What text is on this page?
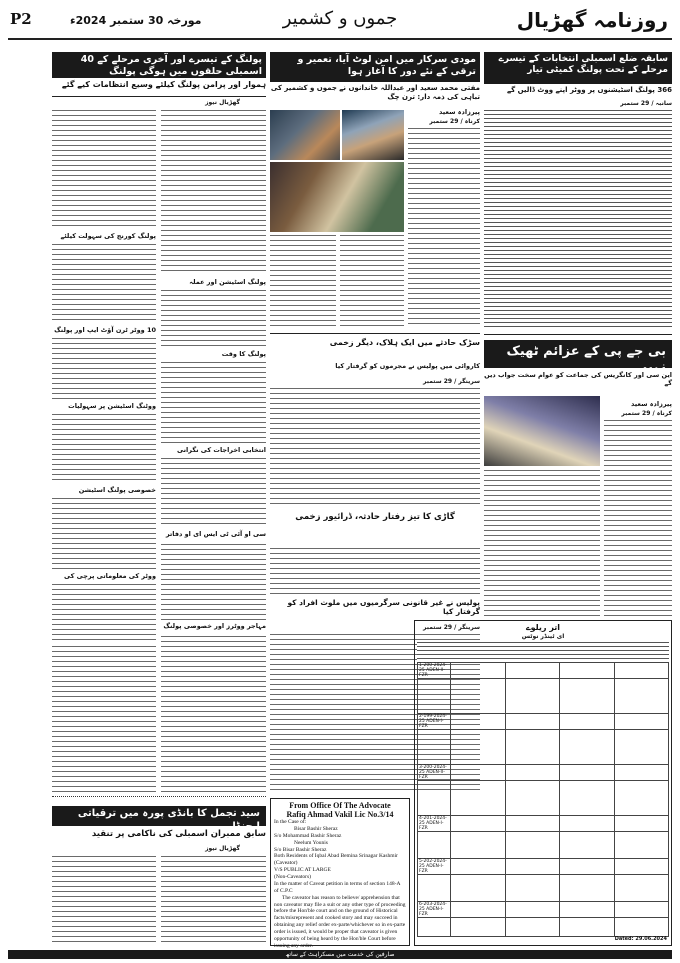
P2	مورخہ 30 ستمبر 2024ء	جموں و کشمیر	روزنامہ گھڑیال
پولنگ کے تیسرے اور آخری مرحلے کے 40 اسمبلی حلقوں میں ہوگی پولنگ
ہموار اور پرامن پولنگ کیلئے وسیع انتظامات کیے گئے
گھڑیال نیوز
پولنگ کورنج کی سہولت کیلئے
10 ووٹر ٹرن آؤٹ ایپ اور پولنگ
پولنگ اسٹیشن اور عملہ
پولنگ کا وقت
ووٹنگ اسٹیشن پر سہولیات
انتخابی اخراجات کی نگرانی
خصوصی پولنگ اسٹیشن
سی او آئی ٹی ایس ای او دفاتر
ووٹر کی معلوماتی پرچی کی
مہاجر ووٹرز اور خصوصی پولنگ
سید تجمل کا بانڈی پورہ میں ترقیاتی ایجنڈا
سابق ممبران اسمبلی کی ناکامی پر تنقید
گھڑیال نیوز
مودی سرکار میں امن لوٹ آیا، تعمیر و ترقی کے نئے دور کا آغاز ہوا
مفتی محمد سعید اور عبداللہ خاندانوں نے جموں و کشمیر کی تباہی کی ذمہ دار: ترن چگ
پیرزادہ سعید
کرناہ / 29 ستمبر
سڑک حادثے میں ایک ہلاک، دیگر زخمی
کاروائی میں پولیس نے مجرموں کو گرفتار کیا
سرینگر / 29 ستمبر
گاڑی کا تیز رفتار حادثہ، ڈرائیور زخمی
پولیس نے غیر قانونی سرگرمیوں میں ملوث افراد کو گرفتار کیا
سرینگر / 29 ستمبر
From Office Of The Advocate
Rafiq Ahmad Vakil Lic No.3/14
In the Case of:
Bisar Bashir Sheraz
S/o Mohammad Bashir Sheraz
Neelum Younis
S/o Bisar Bashir Sheraz
Both Residents of Iqbal Abad Bemina Srinagar Kashmir
(Caveator)
V/S PUBLIC AT LARGE
(Non-Caveators)
In the matter of Caveat petition in terms of section 148-A of C.P.C
The caveator has reason to believe/ apprehension that non caveator may file a suit or any other type of proceeding before the Hon'ble court and on the ground of Historical facts/misrepresent and cooked story and may succeed in obtaining any relief order ex-parte/whichever so in ex-parte order is issued, it would be proper that caveator is given opportunity of being heard by the Hon'ble Court before issuing any order.
سابقہ ضلع اسمبلی انتخابات کے تیسرے مرحلے کے تحت پولنگ کمیٹی تیار
366 پولنگ اسٹیشنوں پر ووٹر اپنے ووٹ ڈالیں گے
سانبہ / 29 ستمبر
بی جے پی کے عزائم ٹھیک نہیں
این سی اور کانگریس کی جماعت کو عوام سخت جواب دیں گے
پیرزادہ سعید
کرناہ / 29 ستمبر
اتر ریلوے
ای ٹینڈر نوٹس
1-200-2024-25 ADEN-II-FZR				

2-199-2024-25 ADEN-I-FZR				

3-200-2024-25 ADEN-II-FZR				

4-201-2024-25 ADEN-I-FZR				

5-202-2024-25 ADEN-I-FZR				

6-203-2024-25 ADEN-I-FZR				

Dated: 29.06.2024
صارفین کی خدمت میں مسکراہٹ کے ساتھ
